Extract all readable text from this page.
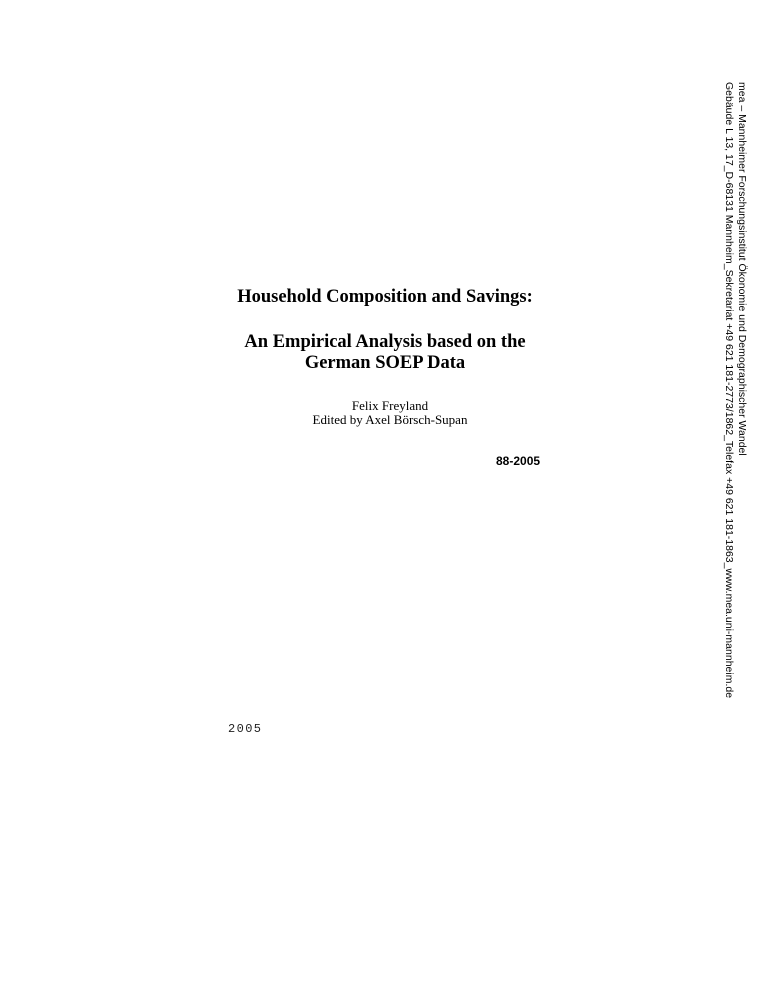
Household Composition and Savings:
An Empirical Analysis based on the
German SOEP Data
Felix Freyland
Edited by Axel Börsch-Supan
88-2005
2005
mea – Mannheimer Forschungsinstitut Ökonomie und Demographischer Wandel
Gebäude L 13, 17_D-68131 Mannheim_Sekretariat +49 621 181-2773/1862_Telefax +49 621 181-1863_www.mea.uni-mannheim.de
